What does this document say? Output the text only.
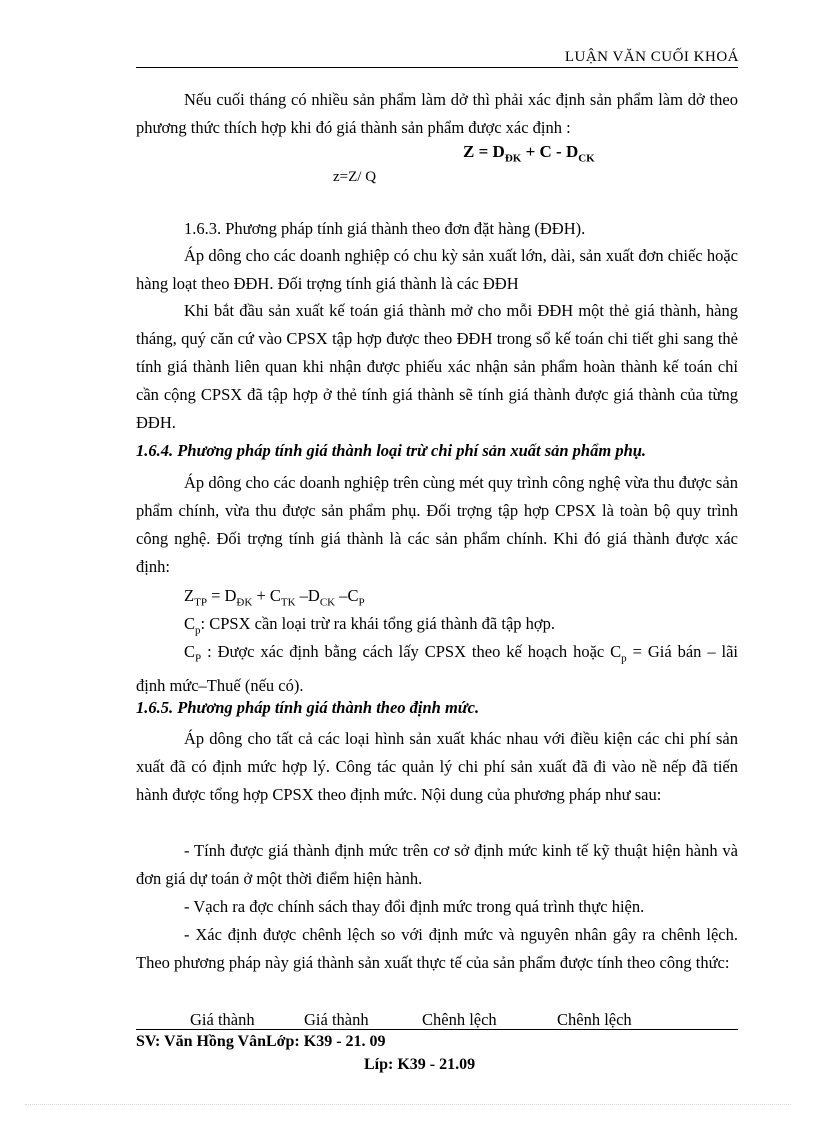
LUẬN VĂN CUỐI KHOÁ
Nếu cuối tháng có nhiều sản phẩm làm dở thì phải xác định sản phẩm làm dở theo phương thức thích hợp khi đó giá thành sản phẩm được xác định :
$Z = D_{ĐK} + C - D_{CK}$
z=Z/ Q
1.6.3. Phương pháp tính giá thành theo đơn đặt hàng (ĐĐH).
Áp dông cho các doanh nghiệp có chu kỳ sản xuất lớn, dài, sản xuất đơn chiếc hoặc hàng loạt theo ĐĐH. Đối trợng tính giá thành là các ĐĐH
Khi bắt đầu sản xuất kế toán giá thành mở cho mỗi ĐĐH một thẻ giá thành, hàng tháng, quý căn cứ vào CPSX tập hợp được theo ĐĐH trong sổ kế toán chi tiết ghi sang thẻ tính giá thành liên quan khi nhận được phiếu xác nhận sản phẩm hoàn thành kế toán chỉ cần cộng CPSX đã tập hợp ở thẻ tính giá thành sẽ tính giá thành được giá thành của từng ĐĐH.
1.6.4. Phương pháp tính giá thành loại trừ chi phí sản xuất sản phẩm phụ.
Áp dông cho các doanh nghiệp trên cùng mét quy trình công nghệ vừa thu được sản phẩm chính, vừa thu được sản phẩm phụ. Đối trợng tập hợp CPSX là toàn bộ quy trình công nghệ. Đối trợng tính giá thành là các sản phẩm chính. Khi đó giá thành được xác định:
$Z_{TP} = D_{ĐK} + C_{TK}$ $-D_{CK}$ $-C_P$
$C_p$: CPSX cần loại trừ ra khái tổng giá thành đã tập hợp.
$C_P$ : Được xác định bằng cách lấy CPSX theo kế hoạch hoặc $C_p$ = Giá bán – lãi định mức–Thuế (nếu có).
1.6.5. Phương pháp tính giá thành theo định mức.
Áp dông cho tất cả các loại hình sản xuất khác nhau với điều kiện các chi phí sản xuất đã có định mức hợp lý. Công tác quản lý chi phí sản xuất đã đi vào nề nếp đã tiến hành được tổng hợp CPSX theo định mức. Nội dung của phương pháp như sau:
- Tính được giá thành định mức trên cơ sở định mức kinh tế kỹ thuật hiện hành và đơn giá dự toán ở một thời điểm hiện hành.
- Vạch ra đợc chính sách thay đổi định mức trong quá trình thực hiện.
- Xác định được chênh lệch so với định mức và nguyên nhân gây ra chênh lệch. Theo phương pháp này giá thành sản xuất thực tế của sản phẩm được tính theo công thức:
Giá thành	Giá thành	Chênh lệch	Chênh lệch
SV: Văn Hồng VânLớp: K39 - 21. 09
Líp: K39 - 21.09
